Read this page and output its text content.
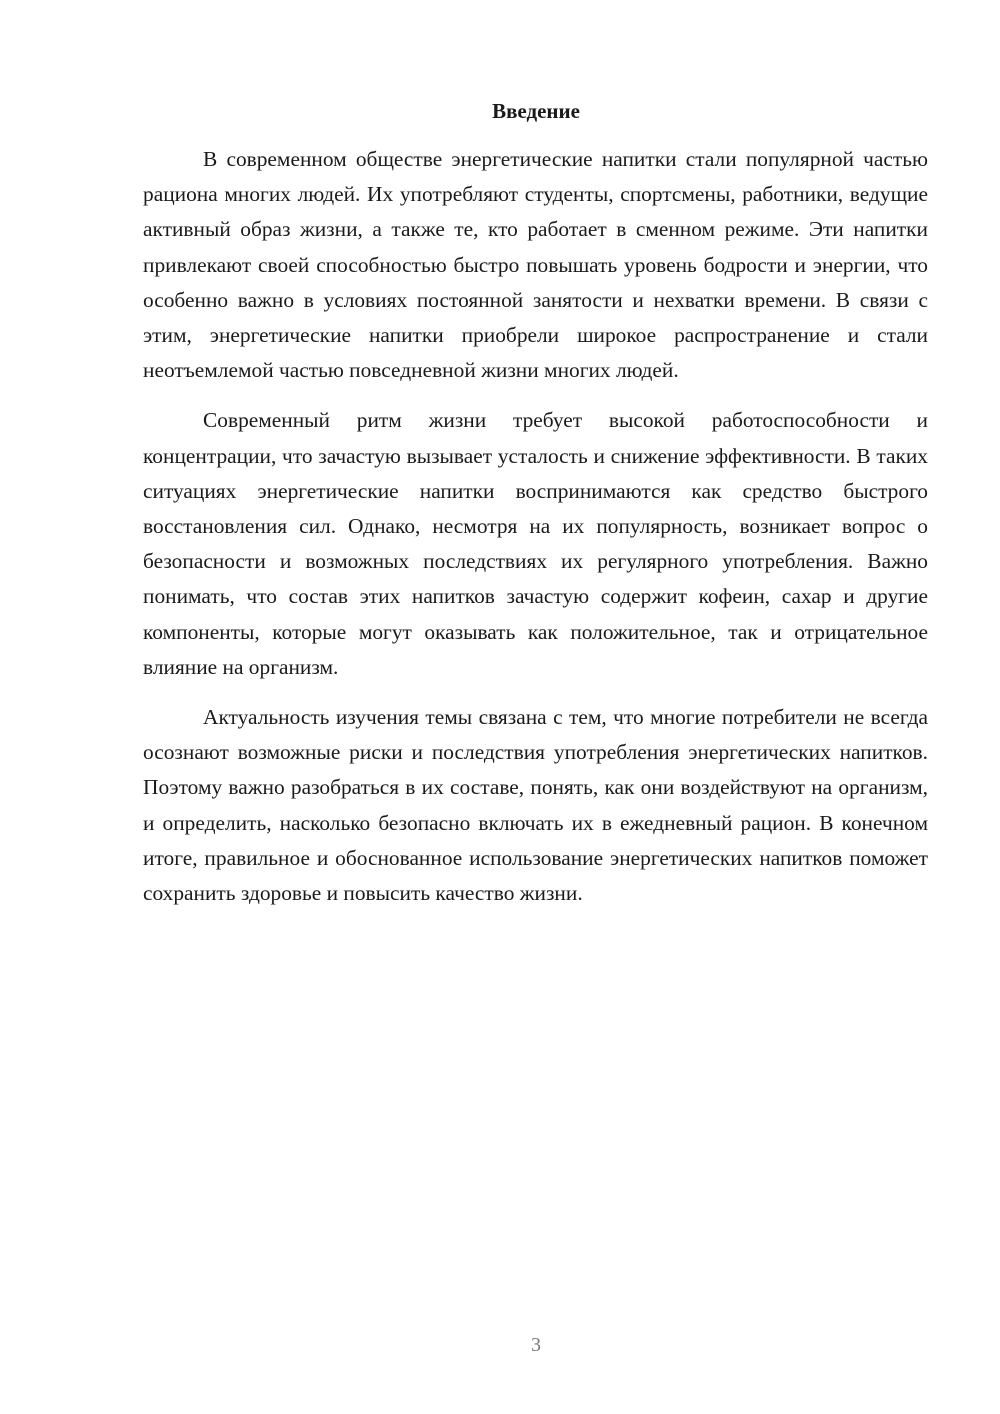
Введение

В современном обществе энергетические напитки стали популярной частью рациона многих людей. Их употребляют студенты, спортсмены, работники, ведущие активный образ жизни, а также те, кто работает в сменном режиме. Эти напитки привлекают своей способностью быстро повышать уровень бодрости и энергии, что особенно важно в условиях постоянной занятости и нехватки времени. В связи с этим, энергетические напитки приобрели широкое распространение и стали неотъемлемой частью повседневной жизни многих людей.

Современный ритм жизни требует высокой работоспособности и концентрации, что зачастую вызывает усталость и снижение эффективности. В таких ситуациях энергетические напитки воспринимаются как средство быстрого восстановления сил. Однако, несмотря на их популярность, возникает вопрос о безопасности и возможных последствиях их регулярного употребления. Важно понимать, что состав этих напитков зачастую содержит кофеин, сахар и другие компоненты, которые могут оказывать как положительное, так и отрицательное влияние на организм.

Актуальность изучения темы связана с тем, что многие потребители не всегда осознают возможные риски и последствия употребления энергетических напитков. Поэтому важно разобраться в их составе, понять, как они воздействуют на организм, и определить, насколько безопасно включать их в ежедневный рацион. В конечном итоге, правильное и обоснованное использование энергетических напитков поможет сохранить здоровье и повысить качество жизни.

3
